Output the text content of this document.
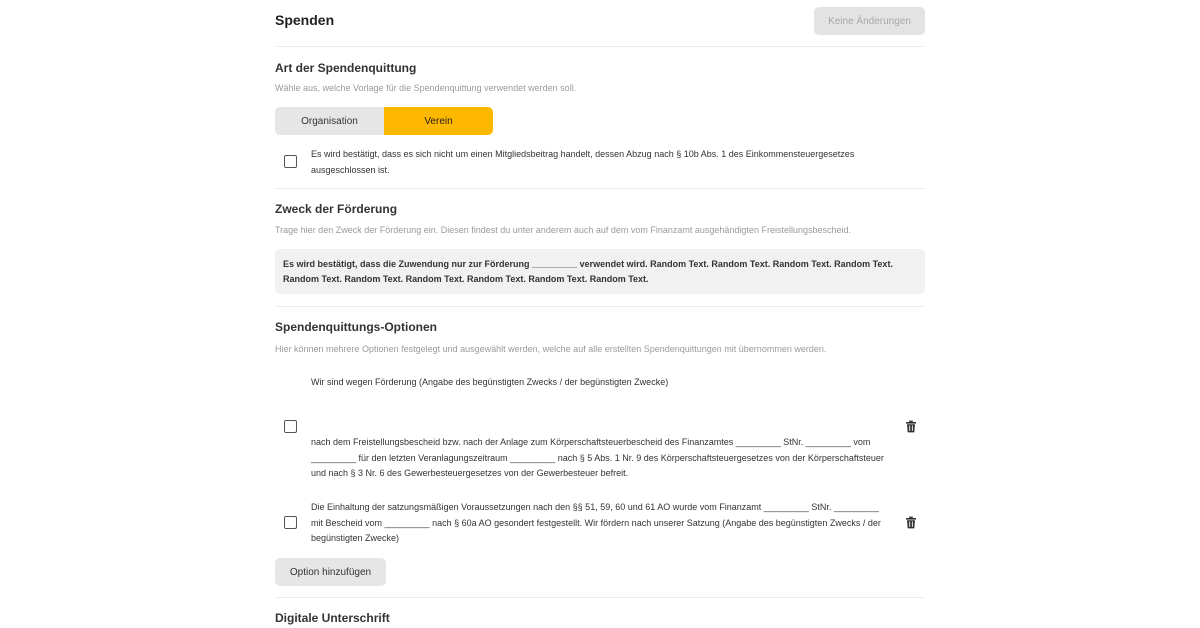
Spenden	Keine Änderungen
Art der Spendenquittung
Wähle aus, welche Vorlage für die Spendenquittung verwendet werden soll.
Organisation	Verein
Es wird bestätigt, dass es sich nicht um einen Mitgliedsbeitrag handelt, dessen Abzug nach § 10b Abs. 1 des Einkommensteuergesetzes ausgeschlossen ist.
Zweck der Förderung
Trage hier den Zweck der Förderung ein. Diesen findest du unter anderem auch auf dem vom Finanzamt ausgehändigten Freistellungsbescheid.
Es wird bestätigt, dass die Zuwendung nur zur Förderung _________ verwendet wird. Random Text. Random Text. Random Text. Random Text. Random Text. Random Text. Random Text. Random Text. Random Text. Random Text.
Spendenquittungs-Optionen
Hier können mehrere Optionen festgelegt und ausgewählt werden, welche auf alle erstellten Spendenquittungen mit übernommen werden.
Wir sind wegen Förderung (Angabe des begünstigten Zwecks / der begünstigten Zwecke)
nach dem Freistellungsbescheid bzw. nach der Anlage zum Körperschaftsteuerbescheid des Finanzamtes _________ StNr. _________ vom _________ für den letzten Veranlagungszeitraum _________ nach § 5 Abs. 1 Nr. 9 des Körperschaftsteuergesetzes von der Körperschaftsteuer und nach § 3 Nr. 6 des Gewerbesteuergesetzes von der Gewerbesteuer befreit.
Die Einhaltung der satzungsmäßigen Voraussetzungen nach den §§ 51, 59, 60 und 61 AO wurde vom Finanzamt _________ StNr. _________ mit Bescheid vom _________ nach § 60a AO gesondert festgestellt. Wir fördern nach unserer Satzung (Angabe des begünstigten Zwecks / der begünstigten Zwecke)
Option hinzufügen
Digitale Unterschrift
